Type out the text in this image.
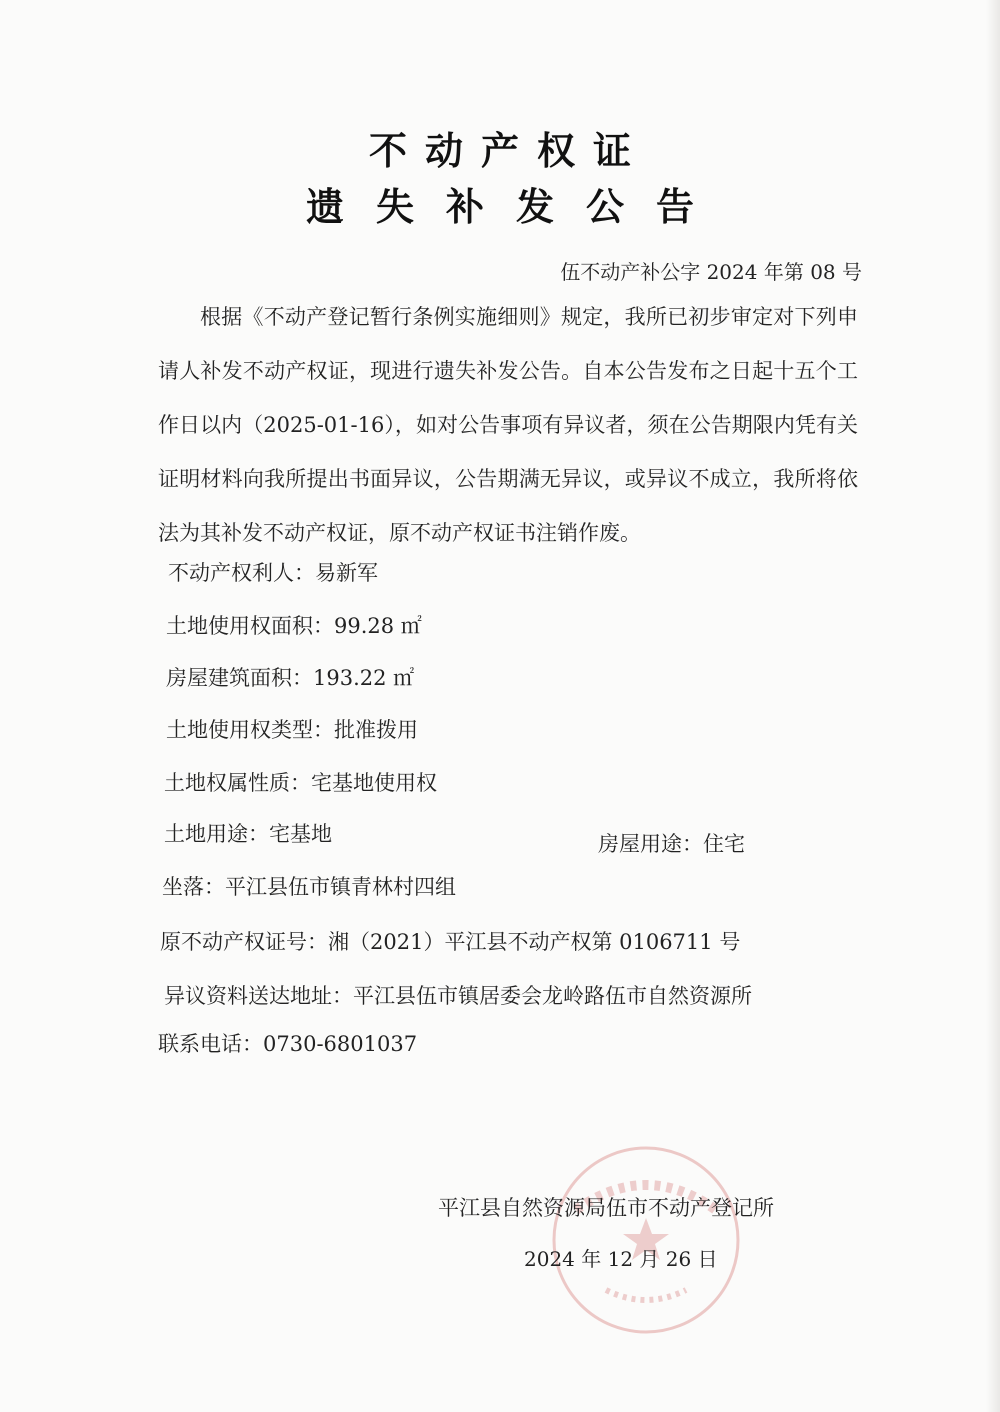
不动产权证
遗失补发公告
伍不动产补公字 2024 年第 08 号
根据《不动产登记暂行条例实施细则》规定，我所已初步审定对下列申请人补发不动产权证，现进行遗失补发公告。自本公告发布之日起十五个工作日以内（2025-01-16），如对公告事项有异议者，须在公告期限内凭有关证明材料向我所提出书面异议，公告期满无异议，或异议不成立，我所将依法为其补发不动产权证，原不动产权证书注销作废。
不动产权利人：易新军
土地使用权面积：99.28 ㎡
房屋建筑面积：193.22 ㎡
土地使用权类型：批准拨用
土地权属性质：宅基地使用权
土地用途：宅基地	房屋用途：住宅
坐落：平江县伍市镇青林村四组
原不动产权证号：湘（2021）平江县不动产权第 0106711 号
异议资料送达地址：平江县伍市镇居委会龙岭路伍市自然资源所
联系电话：0730-6801037
平江县自然资源局伍市不动产登记所
2024 年 12 月 26 日
